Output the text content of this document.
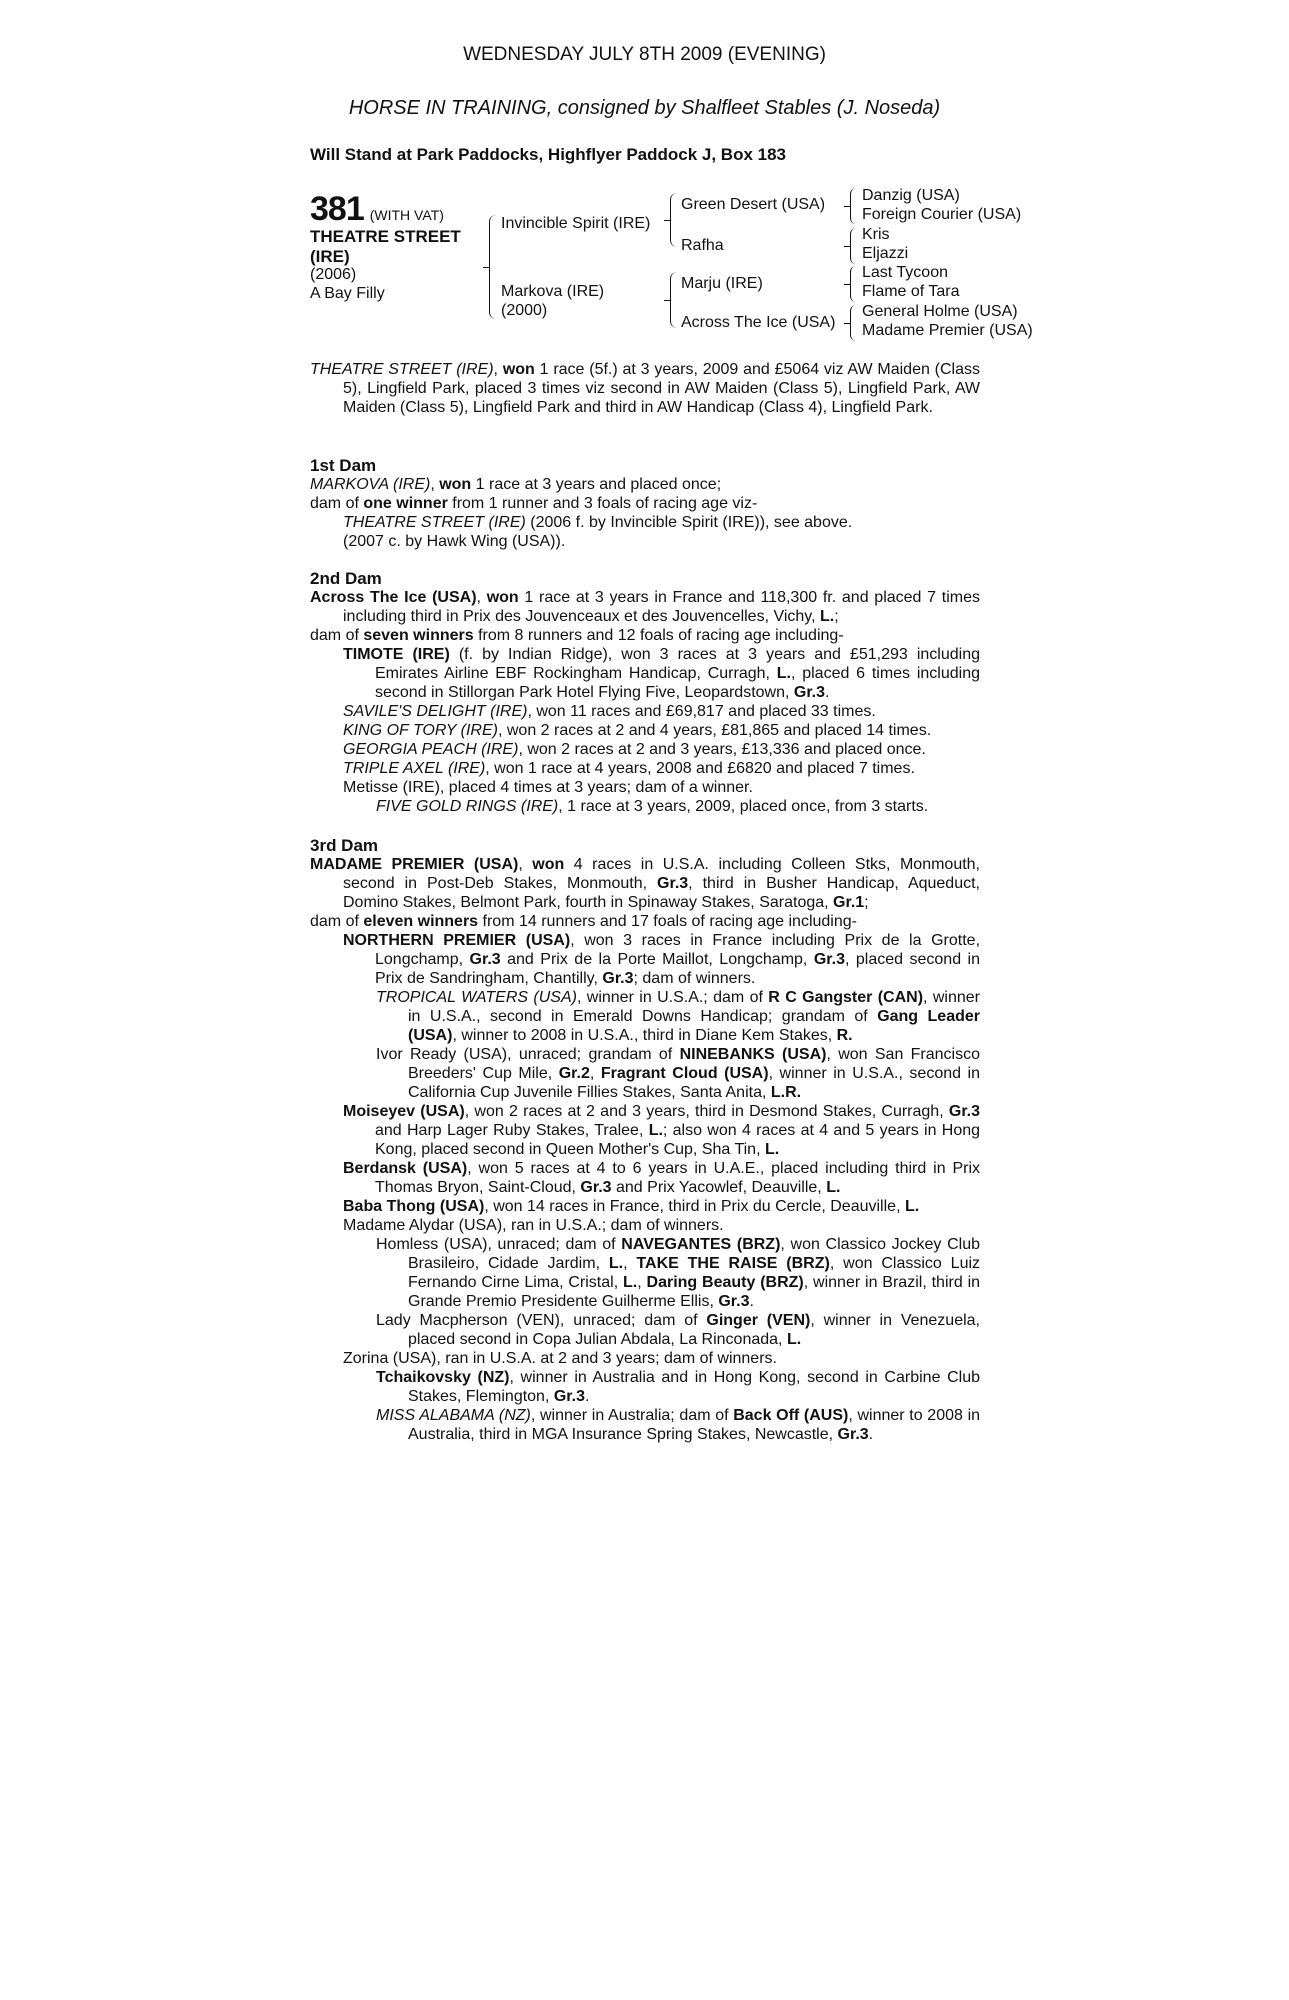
WEDNESDAY JULY 8TH 2009 (EVENING)
HORSE IN TRAINING, consigned by Shalfleet Stables (J. Noseda)
Will Stand at Park Paddocks, Highflyer Paddock J, Box 183
381 (WITH VAT)
THEATRE STREET
(IRE)
(2006)
A Bay Filly
Invincible Spirit (IRE)
Markova (IRE)
(2000)
Green Desert (USA)
Rafha
Marju (IRE)
Across The Ice (USA)
Danzig (USA)
Foreign Courier (USA)
Kris
Eljazzi
Last Tycoon
Flame of Tara
General Holme (USA)
Madame Premier (USA)

THEATRE STREET (IRE), won 1 race (5f.) at 3 years, 2009 and £5064 viz AW Maiden (Class 5), Lingfield Park, placed 3 times viz second in AW Maiden (Class 5), Lingfield Park, AW Maiden (Class 5), Lingfield Park and third in AW Handicap (Class 4), Lingfield Park.

1st Dam

MARKOVA (IRE), won 1 race at 3 years and placed once;

dam of one winner from 1 runner and 3 foals of racing age viz-

THEATRE STREET (IRE) (2006 f. by Invincible Spirit (IRE)), see above.

(2007 c. by Hawk Wing (USA)).

2nd Dam

Across The Ice (USA), won 1 race at 3 years in France and 118,300 fr. and placed 7 times including third in Prix des Jouvenceaux et des Jouvencelles, Vichy, L.;

dam of seven winners from 8 runners and 12 foals of racing age including-

TIMOTE (IRE) (f. by Indian Ridge), won 3 races at 3 years and £51,293 including Emirates Airline EBF Rockingham Handicap, Curragh, L., placed 6 times including second in Stillorgan Park Hotel Flying Five, Leopardstown, Gr.3.

SAVILE'S DELIGHT (IRE), won 11 races and £69,817 and placed 33 times.

KING OF TORY (IRE), won 2 races at 2 and 4 years, £81,865 and placed 14 times.

GEORGIA PEACH (IRE), won 2 races at 2 and 3 years, £13,336 and placed once.

TRIPLE AXEL (IRE), won 1 race at 4 years, 2008 and £6820 and placed 7 times.

Metisse (IRE), placed 4 times at 3 years; dam of a winner.

FIVE GOLD RINGS (IRE), 1 race at 3 years, 2009, placed once, from 3 starts.

3rd Dam

MADAME PREMIER (USA), won 4 races in U.S.A. including Colleen Stks, Monmouth, second in Post-Deb Stakes, Monmouth, Gr.3, third in Busher Handicap, Aqueduct, Domino Stakes, Belmont Park, fourth in Spinaway Stakes, Saratoga, Gr.1;

dam of eleven winners from 14 runners and 17 foals of racing age including-

NORTHERN PREMIER (USA), won 3 races in France including Prix de la Grotte, Longchamp, Gr.3 and Prix de la Porte Maillot, Longchamp, Gr.3, placed second in Prix de Sandringham, Chantilly, Gr.3; dam of winners.

TROPICAL WATERS (USA), winner in U.S.A.; dam of R C Gangster (CAN), winner in U.S.A., second in Emerald Downs Handicap; grandam of Gang Leader (USA), winner to 2008 in U.S.A., third in Diane Kem Stakes, R.

Ivor Ready (USA), unraced; grandam of NINEBANKS (USA), won San Francisco Breeders' Cup Mile, Gr.2, Fragrant Cloud (USA), winner in U.S.A., second in California Cup Juvenile Fillies Stakes, Santa Anita, L.R.

Moiseyev (USA), won 2 races at 2 and 3 years, third in Desmond Stakes, Curragh, Gr.3 and Harp Lager Ruby Stakes, Tralee, L.; also won 4 races at 4 and 5 years in Hong Kong, placed second in Queen Mother's Cup, Sha Tin, L.

Berdansk (USA), won 5 races at 4 to 6 years in U.A.E., placed including third in Prix Thomas Bryon, Saint-Cloud, Gr.3 and Prix Yacowlef, Deauville, L.

Baba Thong (USA), won 14 races in France, third in Prix du Cercle, Deauville, L.

Madame Alydar (USA), ran in U.S.A.; dam of winners.

Homless (USA), unraced; dam of NAVEGANTES (BRZ), won Classico Jockey Club Brasileiro, Cidade Jardim, L., TAKE THE RAISE (BRZ), won Classico Luiz Fernando Cirne Lima, Cristal, L., Daring Beauty (BRZ), winner in Brazil, third in Grande Premio Presidente Guilherme Ellis, Gr.3.

Lady Macpherson (VEN), unraced; dam of Ginger (VEN), winner in Venezuela, placed second in Copa Julian Abdala, La Rinconada, L.

Zorina (USA), ran in U.S.A. at 2 and 3 years; dam of winners.

Tchaikovsky (NZ), winner in Australia and in Hong Kong, second in Carbine Club Stakes, Flemington, Gr.3.

MISS ALABAMA (NZ), winner in Australia; dam of Back Off (AUS), winner to 2008 in Australia, third in MGA Insurance Spring Stakes, Newcastle, Gr.3.
